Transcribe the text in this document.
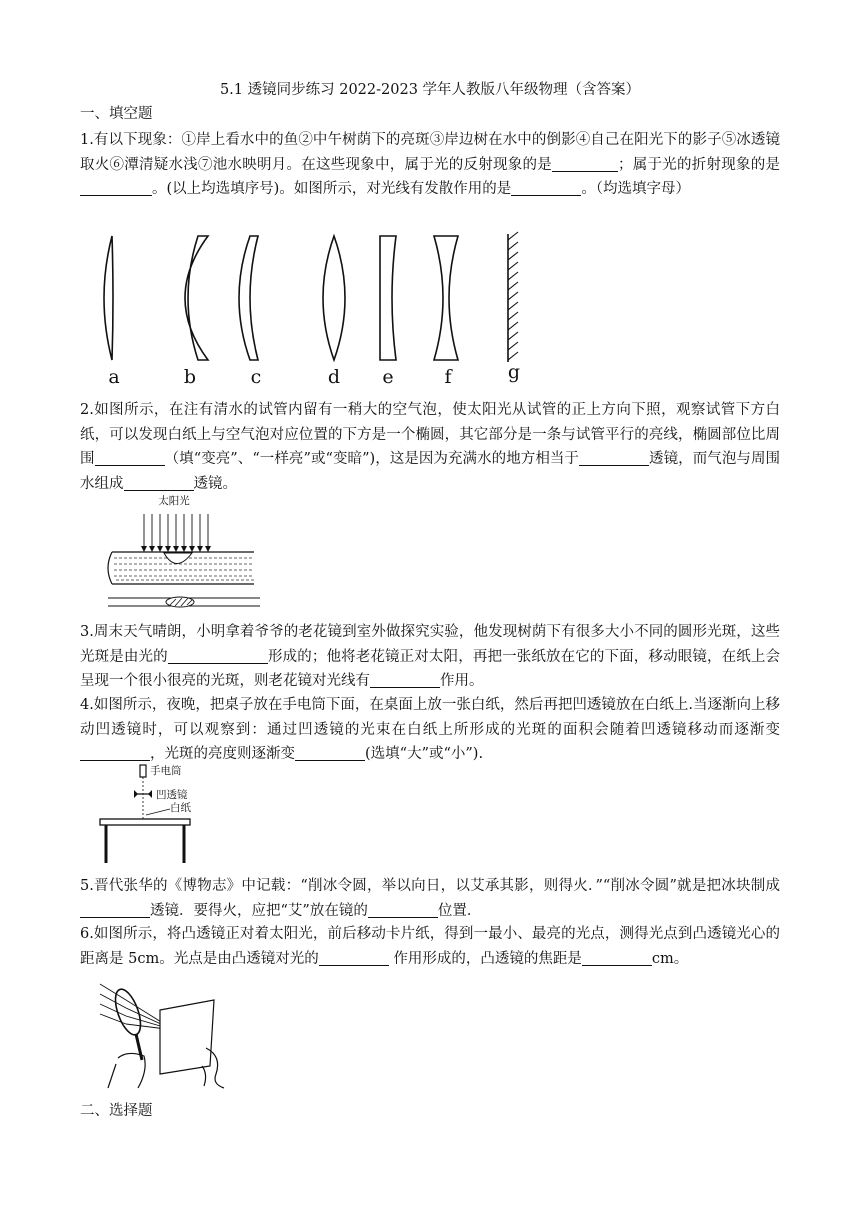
5.1 透镜同步练习 2022-2023 学年人教版八年级物理（含答案）
一、填空题
1.有以下现象：①岸上看水中的鱼②中午树荫下的亮斑③岸边树在水中的倒影④自己在阳光下的影子⑤冰透镜取火⑥潭清疑水浅⑦池水映明月。在这些现象中，属于光的反射现象的是	；属于光的折射现象的是。(以上均选填序号)。如图所示，对光线有发散作用的是	。（均选填字母）
a	b	c	d e	f	g
2.如图所示，在注有清水的试管内留有一稍大的空气泡，使太阳光从试管的正上方向下照，观察试管下方白纸，可以发现白纸上与空气泡对应位置的下方是一个椭圆，其它部分是一条与试管平行的亮线，椭圆部位比周围	（填“变亮”、“一样亮”或“变暗”)，这是因为充满水的地方相当于	透镜，而气泡与周围水组成	透镜。
太阳光
3.周末天气晴朗，小明拿着爷爷的老花镜到室外做探究实验，他发现树荫下有很多大小不同的圆形光斑，这些光斑是由光的	形成的；他将老花镜正对太阳，再把一张纸放在它的下面，移动眼镜，在纸上会呈现一个很小很亮的光斑，则老花镜对光线有	作用。
4.如图所示，夜晚，把桌子放在手电筒下面，在桌面上放一张白纸，然后再把凹透镜放在白纸上.当逐渐向上移动凹透镜时，可以观察到：通过凹透镜的光束在白纸上所形成的光斑的面积会随着凹透镜移动而逐渐变，光斑的亮度则逐渐变	(选填“大”或“小”).
手电筒
凹透镜
白纸
5.晋代张华的《博物志》中记载：“削冰令圆，举以向日，以艾承其影，则得火．”“削冰令圆”就是把冰块制成透镜．要得火，应把“艾”放在镜的	位置．
6.如图所示，将凸透镜正对着太阳光，前后移动卡片纸，得到一最小、最亮的光点，测得光点到凸透镜光心的距离是 5cm。光点是由凸透镜对光的	作用形成的，凸透镜的焦距是	cm。
二、选择题
